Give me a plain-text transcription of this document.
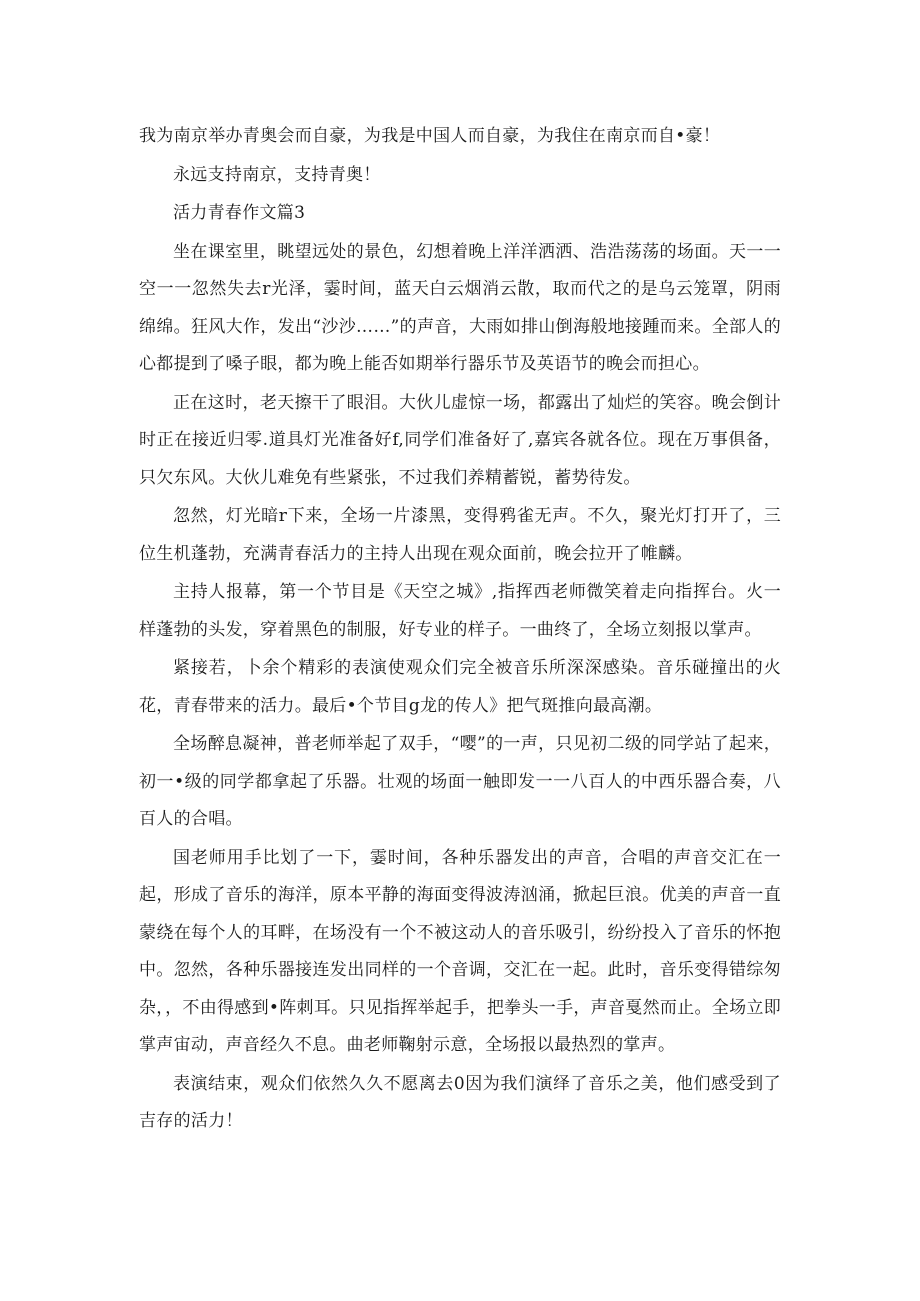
我为南京举办青奥会而自豪，为我是中国人而自豪，为我住在南京而自•豪！

永远支持南京，支持青奥！

活力青春作文篇3

坐在课室里，眺望远处的景色，幻想着晚上洋洋洒洒、浩浩荡荡的场面。天一一空一一忽然失去r光泽，霎时间，蓝天白云烟消云散，取而代之的是乌云笼罩，阴雨绵绵。狂风大作，发出“沙沙……”的声音，大雨如排山倒海般地接踵而来。全部人的心都提到了嗓子眼，都为晚上能否如期举行器乐节及英语节的晚会而担心。

正在这时，老天擦干了眼泪。大伙儿虚惊一场，都露出了灿烂的笑容。晚会倒计时正在接近归零.道具灯光准备好f,同学们准备好了,嘉宾各就各位。现在万事俱备，只欠东风。大伙儿难免有些紧张，不过我们养精蓄锐，蓄势待发。

忽然，灯光暗r下来，全场一片漆黑，变得鸦雀无声。不久，聚光灯打开了，三位生机蓬勃，充满青春活力的主持人出现在观众面前，晚会拉开了帷麟。

主持人报幕，第一个节目是《天空之城》,指挥西老师微笑着走向指挥台。火一样蓬勃的头发，穿着黑色的制服，好专业的样子。一曲终了，全场立刻报以掌声。

紧接若，卜余个精彩的表演使观众们完全被音乐所深深感染。音乐碰撞出的火花，青春带来的活力。最后•个节目g龙的传人》把气斑推向最高潮。

全场醉息凝神，普老师举起了双手，“嘤”的一声，只见初二级的同学站了起来，初一•级的同学都拿起了乐器。壮观的场面一触即发一一八百人的中西乐器合奏，八百人的合唱。

国老师用手比划了一下，霎时间，各种乐器发出的声音，合唱的声音交汇在一起，形成了音乐的海洋，原本平静的海面变得波涛汹涌，掀起巨浪。优美的声音一直蒙绕在每个人的耳畔，在场没有一个不被这动人的音乐吸引，纷纷投入了音乐的怀抱中。忽然，各种乐器接连发出同样的一个音调，交汇在一起。此时，音乐变得错综匆杂，，不由得感到•阵刺耳。只见指挥举起手，把拳头一手，声音戛然而止。全场立即掌声宙动，声音经久不息。曲老师鞠射示意，全场报以最热烈的掌声。

表演结束，观众们依然久久不愿离去0因为我们演绎了音乐之美，他们感受到了吉存的活力！
